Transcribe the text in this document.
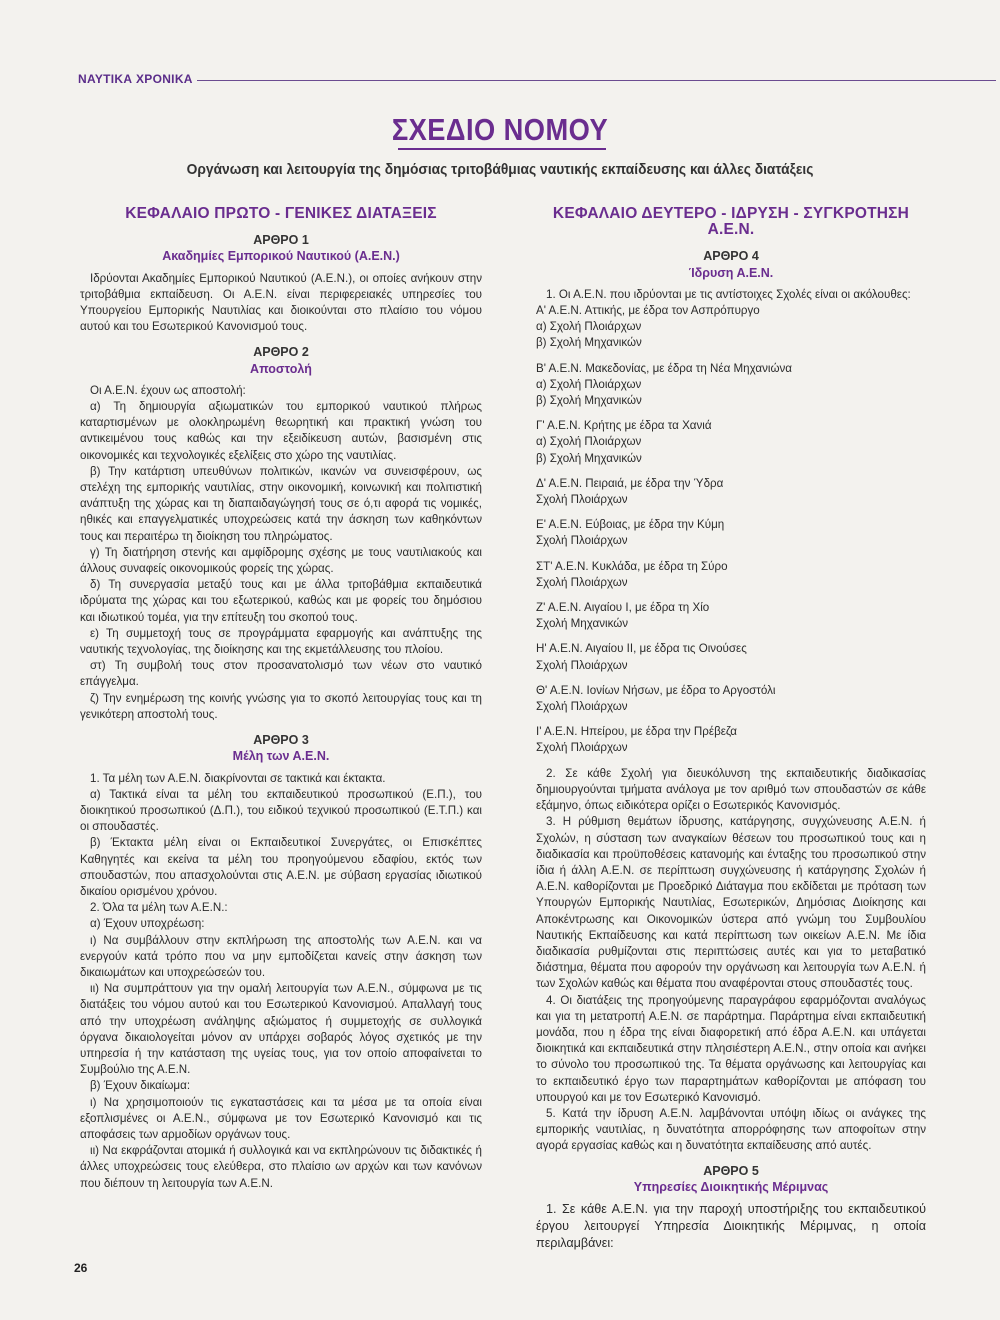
ΝΑΥΤΙΚΑ ΧΡΟΝΙΚΑ
ΣΧΕΔΙΟ ΝΟΜΟΥ
Οργάνωση και λειτουργία της δημόσιας τριτοβάθμιας ναυτικής εκπαίδευσης και άλλες διατάξεις
ΚΕΦΑΛΑΙΟ ΠΡΩΤΟ - ΓΕΝΙΚΕΣ ΔΙΑΤΑΞΕΙΣ
ΑΡΘΡΟ 1
Ακαδημίες Εμπορικού Ναυτικού (Α.Ε.Ν.)

Ιδρύονται Ακαδημίες Εμπορικού Ναυτικού (Α.Ε.Ν.), οι οποίες ανήκουν στην τριτοβάθμια εκπαίδευση. Οι Α.Ε.Ν. είναι περιφερειακές υπηρεσίες του Υπουργείου Εμπορικής Ναυτιλίας και διοικούνται στο πλαίσιο του νόμου αυτού και του Εσωτερικού Κανονισμού τους.

ΑΡΘΡΟ 2
Αποστολή

Οι Α.Ε.Ν. έχουν ως αποστολή:

α) Τη δημιουργία αξιωματικών του εμπορικού ναυτικού πλήρως καταρτισμένων με ολοκληρωμένη θεωρητική και πρακτική γνώση του αντικειμένου τους καθώς και την εξειδίκευση αυτών, βασισμένη στις οικονομικές και τεχνολογικές εξελίξεις στο χώρο της ναυτιλίας.

β) Την κατάρτιση υπευθύνων πολιτικών, ικανών να συνεισφέρουν, ως στελέχη της εμπορικής ναυτιλίας, στην οικονομική, κοινωνική και πολιτιστική ανάπτυξη της χώρας και τη διαπαιδαγώγησή τους σε ό,τι αφορά τις νομικές, ηθικές και επαγγελματικές υποχρεώσεις κατά την άσκηση των καθηκόντων τους και περαιτέρω τη διοίκηση του πληρώματος.

γ) Τη διατήρηση στενής και αμφίδρομης σχέσης με τους ναυτιλιακούς και άλλους συναφείς οικονομικούς φορείς της χώρας.

δ) Τη συνεργασία μεταξύ τους και με άλλα τριτοβάθμια εκπαιδευτικά ιδρύματα της χώρας και του εξωτερικού, καθώς και με φορείς του δημόσιου και ιδιωτικού τομέα, για την επίτευξη του σκοπού τους.

ε) Τη συμμετοχή τους σε προγράμματα εφαρμογής και ανάπτυξης της ναυτικής τεχνολογίας, της διοίκησης και της εκμετάλλευσης του πλοίου.

στ) Τη συμβολή τους στον προσανατολισμό των νέων στο ναυτικό επάγγελμα.

ζ) Την ενημέρωση της κοινής γνώσης για το σκοπό λειτουργίας τους και τη γενικότερη αποστολή τους.

ΑΡΘΡΟ 3
Μέλη των Α.Ε.Ν.

1. Τα μέλη των Α.Ε.Ν. διακρίνονται σε τακτικά και έκτακτα.

α) Τακτικά είναι τα μέλη του εκπαιδευτικού προσωπικού (Ε.Π.), του διοικητικού προσωπικού (Δ.Π.), του ειδικού τεχνικού προσωπικού (Ε.Τ.Π.) και οι σπουδαστές.

β) Έκτακτα μέλη είναι οι Εκπαιδευτικοί Συνεργάτες, οι Επισκέπτες Καθηγητές και εκείνα τα μέλη του προηγούμενου εδαφίου, εκτός των σπουδαστών, που απασχολούνται στις Α.Ε.Ν. με σύβαση εργασίας ιδιωτικού δικαίου ορισμένου χρόνου.

2. Όλα τα μέλη των Α.Ε.Ν.:

α) Έχουν υποχρέωση:

ι) Να συμβάλλουν στην εκπλήρωση της αποστολής των Α.Ε.Ν. και να ενεργούν κατά τρόπο που να μην εμποδίζεται κανείς στην άσκηση των δικαιωμάτων και υποχρεώσεών του.

ιι) Να συμπράττουν για την ομαλή λειτουργία των Α.Ε.Ν., σύμφωνα με τις διατάξεις του νόμου αυτού και του Εσωτερικού Κανονισμού. Απαλλαγή τους από την υποχρέωση ανάληψης αξιώματος ή συμμετοχής σε συλλογικά όργανα δικαιολογείται μόνον αν υπάρχει σοβαρός λόγος σχετικός με την υπηρεσία ή την κατάσταση της υγείας τους, για τον οποίο αποφαίνεται το Συμβούλιο της Α.Ε.Ν.

β) Έχουν δικαίωμα:

ι) Να χρησιμοποιούν τις εγκαταστάσεις και τα μέσα με τα οποία είναι εξοπλισμένες οι Α.Ε.Ν., σύμφωνα με τον Εσωτερικό Κανονισμό και τις αποφάσεις των αρμοδίων οργάνων τους.

ιι) Να εκφράζονται ατομικά ή συλλογικά και να εκπληρώνουν τις διδακτικές ή άλλες υποχρεώσεις τους ελεύθερα, στο πλαίσιο ων αρχών και των κανόνων που διέπουν τη λειτουργία των Α.Ε.Ν.

ΚΕΦΑΛΑΙΟ ΔΕΥΤΕΡΟ - ΙΔΡΥΣΗ - ΣΥΓΚΡΟΤΗΣΗ Α.Ε.Ν.
ΑΡΘΡΟ 4
Ίδρυση Α.Ε.Ν.

1. Οι Α.Ε.Ν. που ιδρύονται με τις αντίστοιχες Σχολές είναι οι ακόλουθες:

Α' Α.Ε.Ν. Αττικής, με έδρα τον Ασπρόπυργο

α) Σχολή Πλοιάρχων

β) Σχολή Μηχανικών

Β' Α.Ε.Ν. Μακεδονίας, με έδρα τη Νέα Μηχανιώνα

α) Σχολή Πλοιάρχων

β) Σχολή Μηχανικών

Γ' Α.Ε.Ν. Κρήτης με έδρα τα Χανιά

α) Σχολή Πλοιάρχων

β) Σχολή Μηχανικών

Δ' Α.Ε.Ν. Πειραιά, με έδρα την Ύδρα

Σχολή Πλοιάρχων

Ε' Α.Ε.Ν. Εύβοιας, με έδρα την Κύμη

Σχολή Πλοιάρχων

ΣΤ' Α.Ε.Ν. Κυκλάδα, με έδρα τη Σύρο

Σχολή Πλοιάρχων

Ζ' Α.Ε.Ν. Αιγαίου Ι, με έδρα τη Χίο

Σχολή Μηχανικών

Η' Α.Ε.Ν. Αιγαίου ΙΙ, με έδρα τις Οινούσες

Σχολή Πλοιάρχων

Θ' Α.Ε.Ν. Ιονίων Νήσων, με έδρα το Αργοστόλι

Σχολή Πλοιάρχων

Ι' Α.Ε.Ν. Ηπείρου, με έδρα την Πρέβεζα

Σχολή Πλοιάρχων

2. Σε κάθε Σχολή για διευκόλυνση της εκπαιδευτικής διαδικασίας δημιουργούνται τμήματα ανάλογα με τον αριθμό των σπουδαστών σε κάθε εξάμηνο, όπως ειδικότερα ορίζει ο Εσωτερικός Κανονισμός.

3. Η ρύθμιση θεμάτων ίδρυσης, κατάργησης, συγχώνευσης Α.Ε.Ν. ή Σχολών, η σύσταση των αναγκαίων θέσεων του προσωπικού τους και η διαδικασία και προϋποθέσεις κατανομής και ένταξης του προσωπικού στην ίδια ή άλλη Α.Ε.Ν. σε περίπτωση συγχώνευσης ή κατάργησης Σχολών ή Α.Ε.Ν. καθορίζονται με Προεδρικό Διάταγμα που εκδίδεται με πρόταση των Υπουργών Εμπορικής Ναυτιλίας, Εσωτερικών, Δημόσιας Διοίκησης και Αποκέντρωσης και Οικονομικών ύστερα από γνώμη του Συμβουλίου Ναυτικής Εκπαίδευσης και κατά περίπτωση των οικείων Α.Ε.Ν. Με ίδια διαδικασία ρυθμίζονται στις περιπτώσεις αυτές και για το μεταβατικό διάστημα, θέματα που αφορούν την οργάνωση και λειτουργία των Α.Ε.Ν. ή των Σχολών καθώς και θέματα που αναφέρονται στους σπουδαστές τους.

4. Οι διατάξεις της προηγούμενης παραγράφου εφαρμόζονται αναλόγως και για τη μετατροπή Α.Ε.Ν. σε παράρτημα. Παράρτημα είναι εκπαιδευτική μονάδα, που η έδρα της είναι διαφορετική από έδρα Α.Ε.Ν. και υπάγεται διοικητικά και εκπαιδευτικά στην πλησιέστερη Α.Ε.Ν., στην οποία και ανήκει το σύνολο του προσωπικού της. Τα θέματα οργάνωσης και λειτουργίας και το εκπαιδευτικό έργο των παραρτημάτων καθορίζονται με απόφαση του υπουργού και με τον Εσωτερικό Κανονισμό.

5. Κατά την ίδρυση Α.Ε.Ν. λαμβάνονται υπόψη ιδίως οι ανάγκες της εμπορικής ναυτιλίας, η δυνατότητα απορρόφησης των αποφοίτων στην αγορά εργασίας καθώς και η δυνατότητα εκπαίδευσης από αυτές.

ΑΡΘΡΟ 5
Υπηρεσίες Διοικητικής Μέριμνας

1. Σε κάθε Α.Ε.Ν. για την παροχή υποστήριξης του εκπαιδευτικού έργου λειτουργεί Υπηρεσία Διοικητικής Μέριμνας, η οποία περιλαμβάνει:

26
